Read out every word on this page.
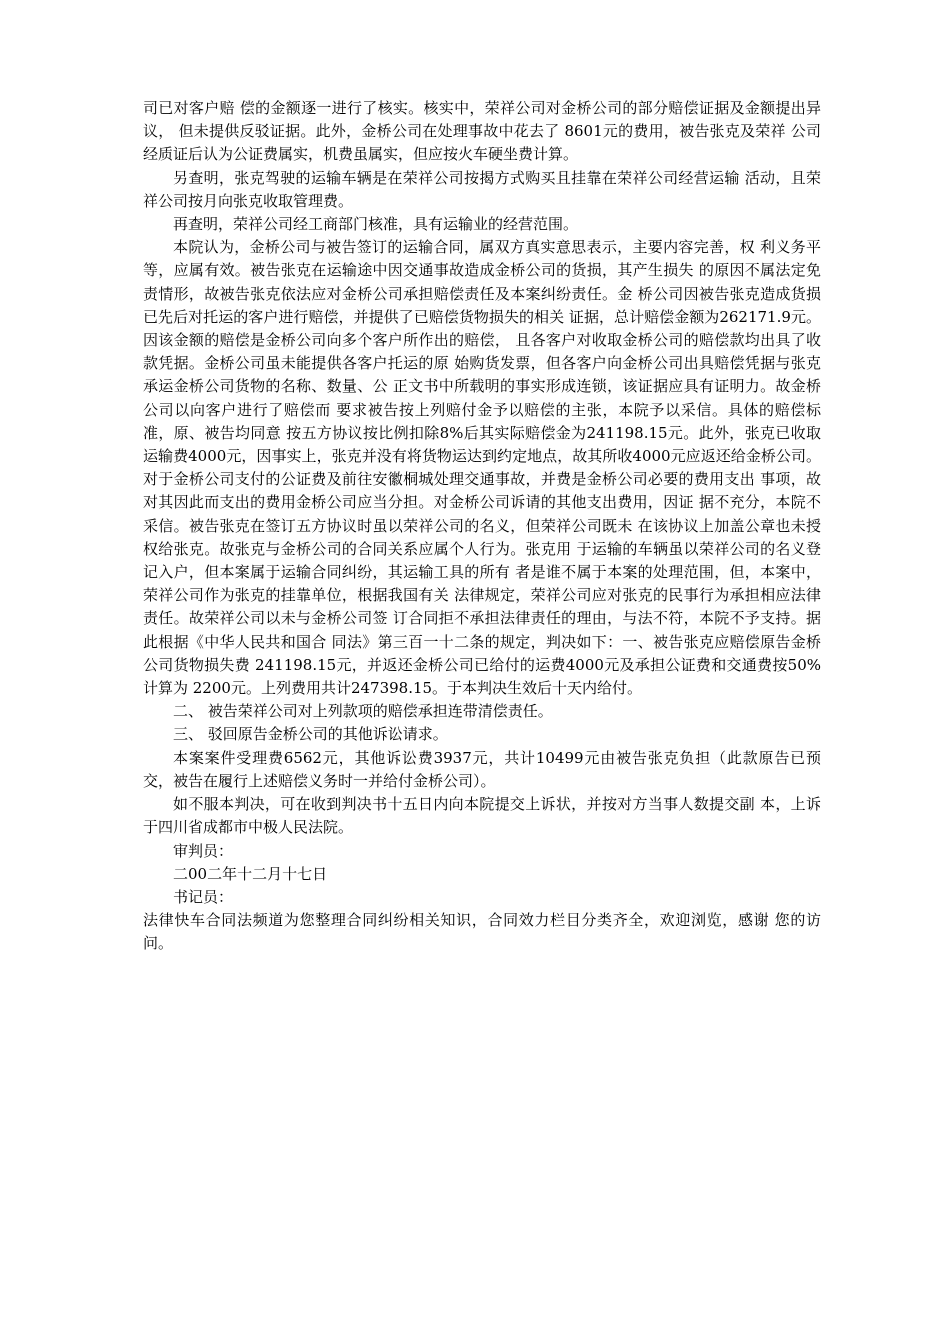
司已对客户赔 偿的金额逐一进行了核实。核实中，荣祥公司对金桥公司的部分赔偿证据及金额提出异议， 但未提供反驳证据。此外，金桥公司在处理事故中花去了 8601元的费用，被告张克及荣祥 公司经质证后认为公证费属实，机费虽属实，但应按火车硬坐费计算。

另查明，张克驾驶的运输车辆是在荣祥公司按揭方式购买且挂靠在荣祥公司经营运输 活动，且荣祥公司按月向张克收取管理费。

再查明，荣祥公司经工商部门核准，具有运输业的经营范围。

本院认为，金桥公司与被告签订的运输合同，属双方真实意思表示，主要内容完善，权 利义务平等，应属有效。被告张克在运输途中因交通事故造成金桥公司的货损，其产生损失 的原因不属法定免责情形，故被告张克依法应对金桥公司承担赔偿责任及本案纠纷责任。金 桥公司因被告张克造成货损已先后对托运的客户进行赔偿，并提供了已赔偿货物损失的相关 证据，总计赔偿金额为262171.9元。因该金额的赔偿是金桥公司向多个客户所作出的赔偿， 且各客户对收取金桥公司的赔偿款均出具了收款凭据。金桥公司虽未能提供各客户托运的原 始购货发票，但各客户向金桥公司出具赔偿凭据与张克承运金桥公司货物的名称、数量、公 正文书中所载明的事实形成连锁，该证据应具有证明力。故金桥公司以向客户进行了赔偿而 要求被告按上列赔付金予以赔偿的主张，本院予以采信。具体的赔偿标准，原、被告均同意 按五方协议按比例扣除8%后其实际赔偿金为241198.15元。此外，张克已收取运输费4000元，因事实上，张克并没有将货物运达到约定地点，故其所收4000元应返还给金桥公司。 对于金桥公司支付的公证费及前往安徽桐城处理交通事故，并费是金桥公司必要的费用支出 事项，故对其因此而支出的费用金桥公司应当分担。对金桥公司诉请的其他支出费用，因证 据不充分，本院不采信。被告张克在签订五方协议时虽以荣祥公司的名义，但荣祥公司既未 在该协议上加盖公章也未授权给张克。故张克与金桥公司的合同关系应属个人行为。张克用 于运输的车辆虽以荣祥公司的名义登记入户，但本案属于运输合同纠纷，其运输工具的所有 者是谁不属于本案的处理范围，但，本案中，荣祥公司作为张克的挂靠单位，根据我国有关 法律规定，荣祥公司应对张克的民事行为承担相应法律责任。故荣祥公司以未与金桥公司签 订合同拒不承担法律责任的理由，与法不符，本院不予支持。据此根据《中华人民共和国合 同法》第三百一十二条的规定，判决如下：一、被告张克应赔偿原告金桥公司货物损失费 241198.15元，并返还金桥公司已给付的运费4000元及承担公证费和交通费按50%计算为 2200元。上列费用共计247398.15。于本判决生效后十天内给付。

二、 被告荣祥公司对上列款项的赔偿承担连带清偿责任。

三、 驳回原告金桥公司的其他诉讼请求。

本案案件受理费6562元，其他诉讼费3937元，共计10499元由被告张克负担（此款原告已预交，被告在履行上述赔偿义务时一并给付金桥公司）。

如不服本判决，可在收到判决书十五日内向本院提交上诉状，并按对方当事人数提交副 本，上诉于四川省成都市中极人民法院。

审判员：

二00二年十二月十七日

书记员：

法律快车合同法频道为您整理合同纠纷相关知识，合同效力栏目分类齐全，欢迎浏览，感谢 您的访问。
